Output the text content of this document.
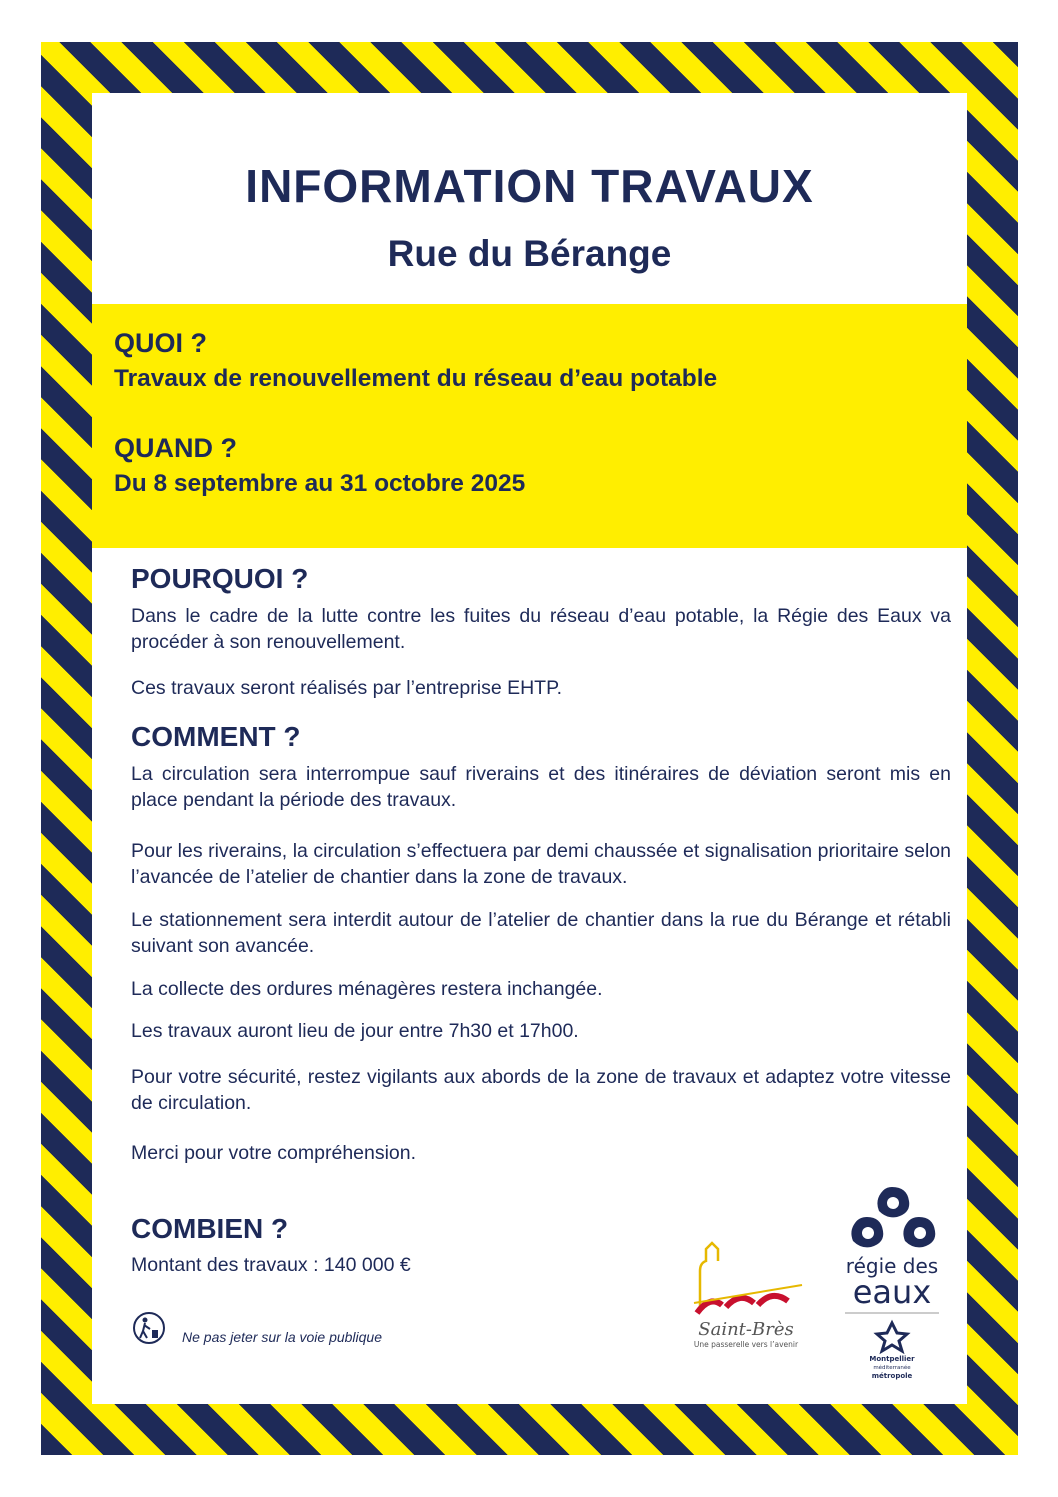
INFORMATION TRAVAUX
Rue du Bérange

QUOI ?

Travaux de renouvellement du réseau d’eau potable

QUAND ?

Du 8 septembre au 31 octobre 2025

POURQUOI ?

Dans le cadre de la lutte contre les fuites du réseau d’eau potable, la Régie des Eaux va procéder à son renouvellement.

Ces travaux seront réalisés par l’entreprise EHTP.

COMMENT ?

La circulation sera interrompue sauf riverains et des itinéraires de déviation seront mis en place pendant la période des travaux.

Pour les riverains, la circulation s’effectuera par demi chaussée et signalisation prioritaire selon l’avancée de l’atelier de chantier dans la zone de travaux.

Le stationnement sera interdit autour de l’atelier de chantier dans la rue du Bérange et rétabli suivant son avancée.

La collecte des ordures ménagères restera inchangée.

Les travaux auront lieu de jour entre 7h30 et 17h00.

Pour votre sécurité, restez vigilants aux abords de la zone de travaux et adaptez votre vitesse de circulation.

Merci pour votre compréhension.

COMBIEN ?

Montant des travaux : 140 000 €

Ne pas jeter sur la voie publique	Saint-Brès
Une passerelle vers l’avenir
régie des
eaux
Montpellier
méditerranée
métropole
